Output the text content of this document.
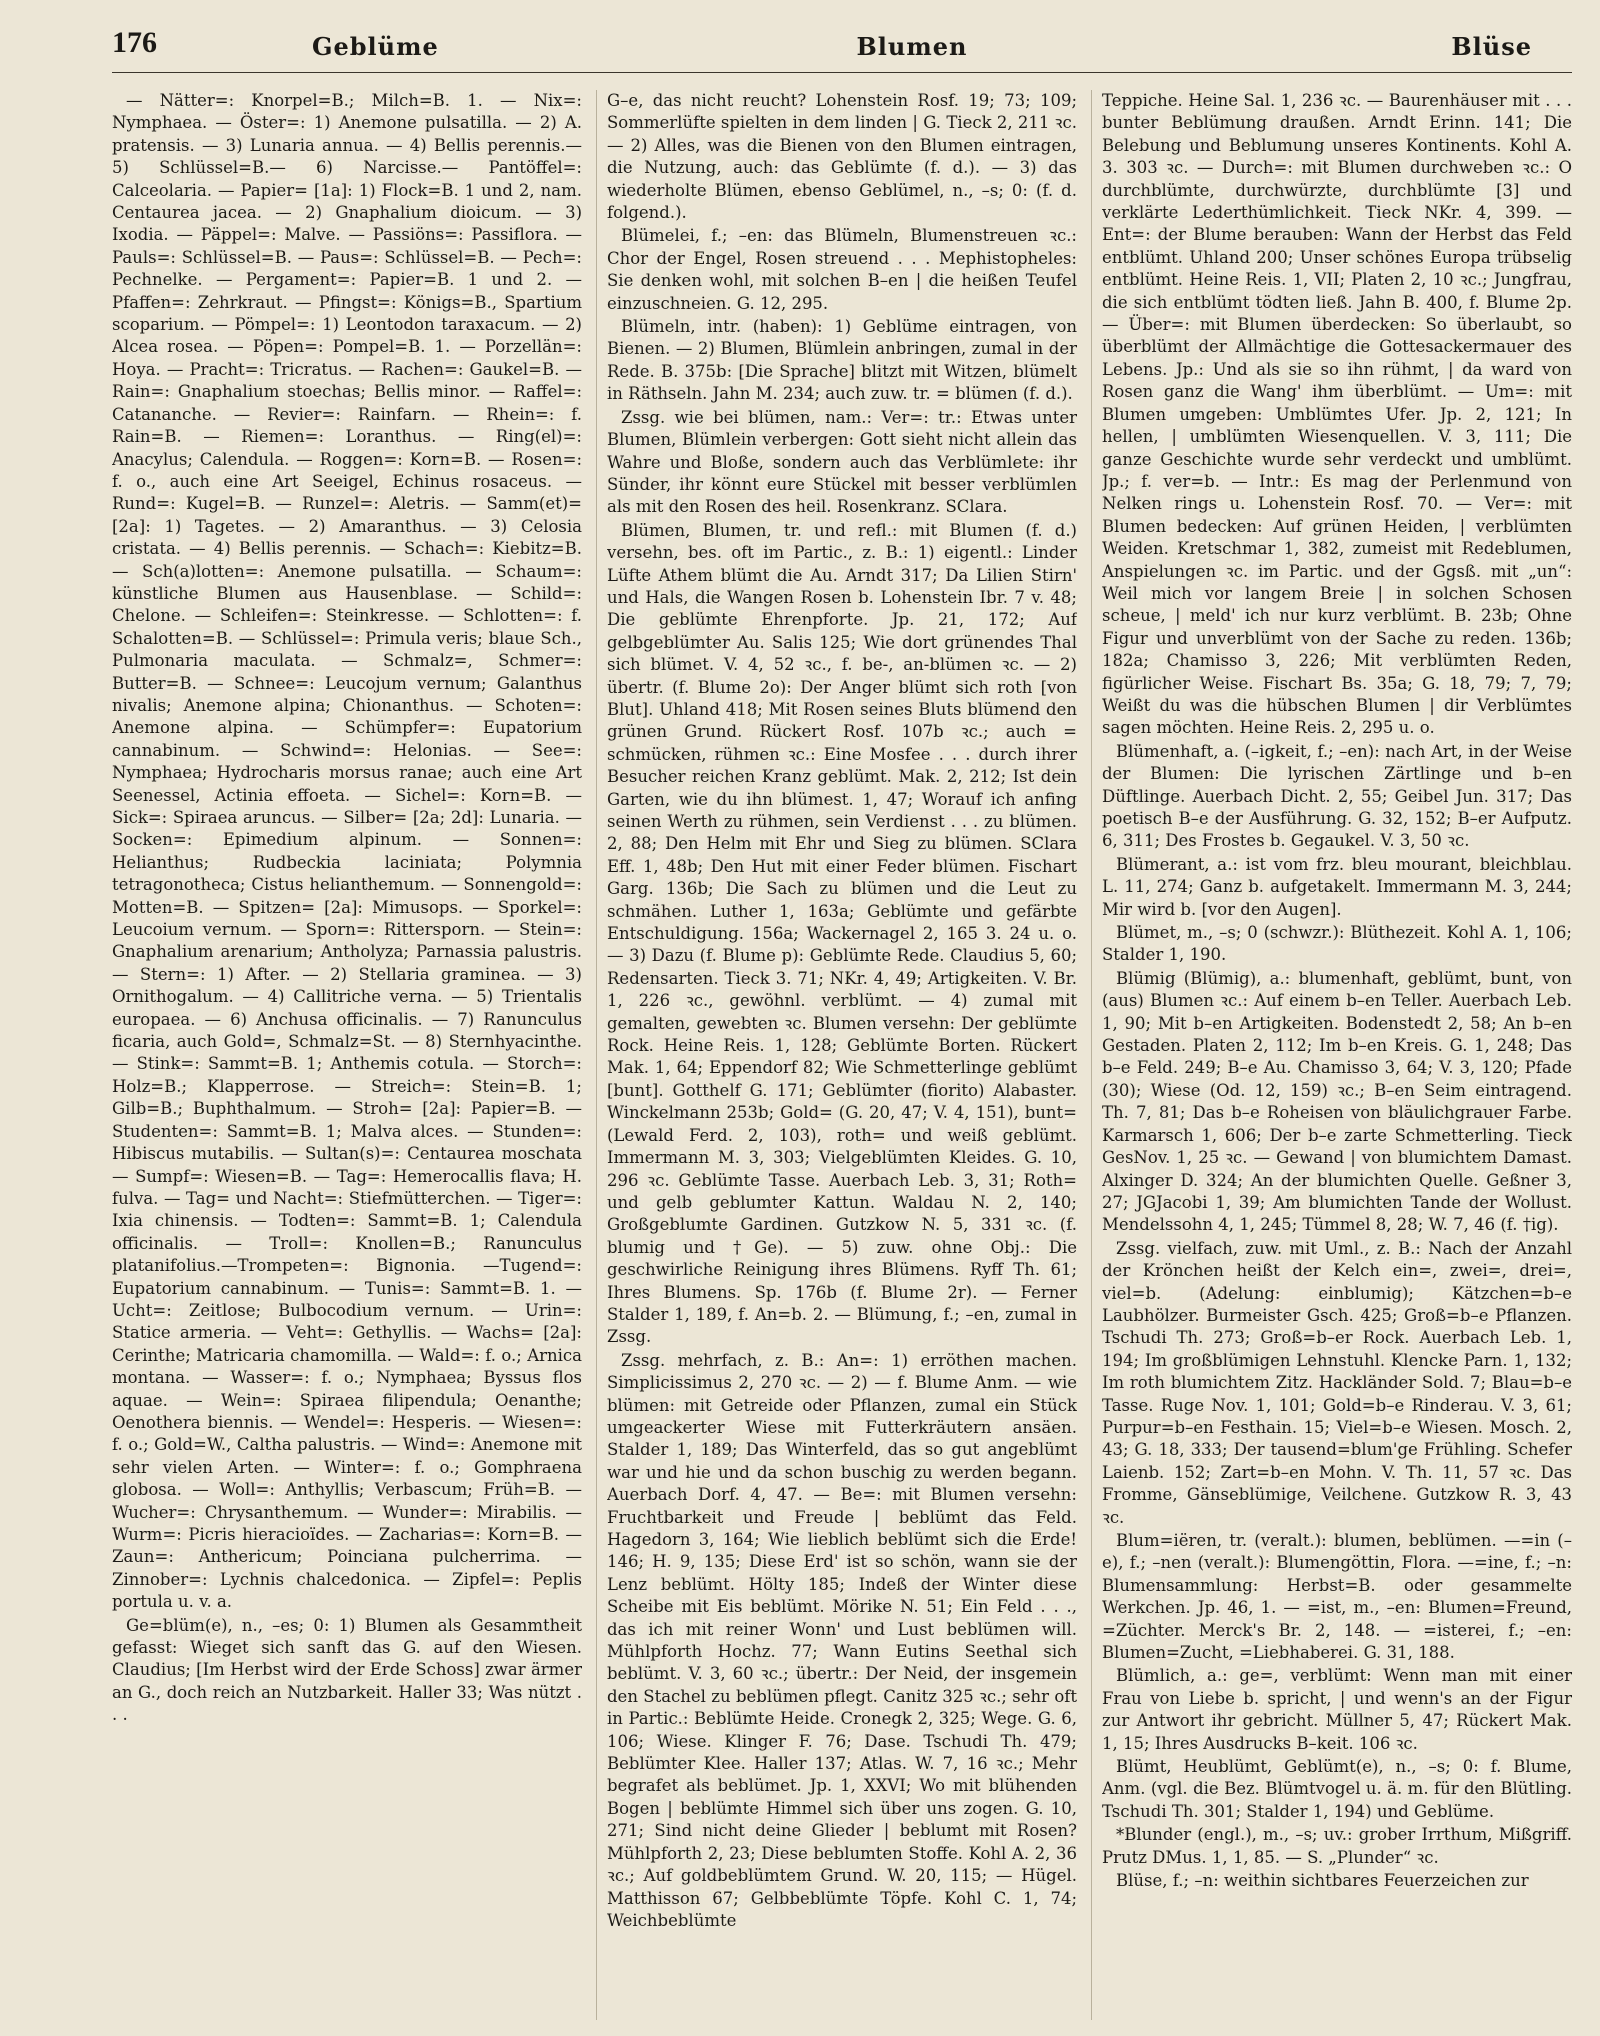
176	Geblüme	Blumen	Blüse

— Nätter=: Knorpel=B.; Milch=B. 1. — Nix=: Nymphaea. — Öster=: 1) Anemone pulsatilla. — 2) A. pratensis. — 3) Lunaria annua. — 4) Bellis perennis.— 5) Schlüssel=B.— 6) Narcisse.— Pantöffel=: Calceolaria. — Papier= [1a]: 1) Flock=B. 1 und 2, nam. Centaurea jacea. — 2) Gnaphalium dioicum. — 3) Ixodia. — Päppel=: Malve. — Passiöns=: Passiflora. — Pauls=: Schlüssel=B. — Paus=: Schlüssel=B. — Pech=: Pechnelke. — Pergament=: Papier=B. 1 und 2. — Pfaffen=: Zehrkraut. — Pfingst=: Königs=B., Spartium scoparium. — Pömpel=: 1) Leontodon taraxacum. — 2) Alcea rosea. — Pöpen=: Pompel=B. 1. — Porzellän=: Hoya. — Pracht=: Tricratus. — Rachen=: Gaukel=B. — Rain=: Gnaphalium stoechas; Bellis minor. — Raffel=: Catananche. — Revier=: Rainfarn. — Rhein=: f. Rain=B. — Riemen=: Loranthus. — Ring(el)=: Anacylus; Calendula. — Roggen=: Korn=B. — Rosen=: f. o., auch eine Art Seeigel, Echinus rosaceus. — Rund=: Kugel=B. — Runzel=: Aletris. — Samm(et)= [2a]: 1) Tagetes. — 2) Amaranthus. — 3) Celosia cristata. — 4) Bellis perennis. — Schach=: Kiebitz=B. — Sch(a)lotten=: Anemone pulsatilla. — Schaum=: künstliche Blumen aus Hausenblase. — Schild=: Chelone. — Schleifen=: Steinkresse. — Schlotten=: f. Schalotten=B. — Schlüssel=: Primula veris; blaue Sch., Pulmonaria maculata. — Schmalz=, Schmer=: Butter=B. — Schnee=: Leucojum vernum; Galanthus nivalis; Anemone alpina; Chionanthus. — Schoten=: Anemone alpina. — Schümpfer=: Eupatorium cannabinum. — Schwind=: Helonias. — See=: Nymphaea; Hydrocharis morsus ranae; auch eine Art Seenessel, Actinia effoeta. — Sichel=: Korn=B. — Sick=: Spiraea aruncus. — Silber= [2a; 2d]: Lunaria. — Socken=: Epimedium alpinum. — Sonnen=: Helianthus; Rudbeckia laciniata; Polymnia tetragonotheca; Cistus helianthemum. — Sonnengold=: Motten=B. — Spitzen= [2a]: Mimusops. — Sporkel=: Leucoium vernum. — Sporn=: Rittersporn. — Stein=: Gnaphalium arenarium; Antholyza; Parnassia palustris. — Stern=: 1) After. — 2) Stellaria graminea. — 3) Ornithogalum. — 4) Callitriche verna. — 5) Trientalis europaea. — 6) Anchusa officinalis. — 7) Ranunculus ficaria, auch Gold=, Schmalz=St. — 8) Sternhyacinthe. — Stink=: Sammt=B. 1; Anthemis cotula. — Storch=: Holz=B.; Klapperrose. — Streich=: Stein=B. 1; Gilb=B.; Buphthalmum. — Stroh= [2a]: Papier=B. — Studenten=: Sammt=B. 1; Malva alces. — Stunden=: Hibiscus mutabilis. — Sultan(s)=: Centaurea moschata — Sumpf=: Wiesen=B. — Tag=: Hemerocallis flava; H. fulva. — Tag= und Nacht=: Stiefmütterchen. — Tiger=: Ixia chinensis. — Todten=: Sammt=B. 1; Calendula officinalis. — Troll=: Knollen=B.; Ranunculus platanifolius.—Trompeten=: Bignonia. —Tugend=: Eupatorium cannabinum. — Tunis=: Sammt=B. 1. — Ucht=: Zeitlose; Bulbocodium vernum. — Urin=: Statice armeria. — Veht=: Gethyllis. — Wachs= [2a]: Cerinthe; Matricaria chamomilla. — Wald=: f. o.; Arnica montana. — Wasser=: f. o.; Nymphaea; Byssus flos aquae. — Wein=: Spiraea filipendula; Oenanthe; Oenothera biennis. — Wendel=: Hesperis. — Wiesen=: f. o.; Gold=W., Caltha palustris. — Wind=: Anemone mit sehr vielen Arten. — Winter=: f. o.; Gomphraena globosa. — Woll=: Anthyllis; Verbascum; Früh=B. — Wucher=: Chrysanthemum. — Wunder=: Mirabilis. — Wurm=: Picris hieracioïdes. — Zacharias=: Korn=B. — Zaun=: Anthericum; Poinciana pulcherrima. — Zinnober=: Lychnis chalcedonica. — Zipfel=: Peplis portula u. v. a.

Ge=blüm(e), n., –es; 0: 1) Blumen als Gesammtheit gefasst: Wieget sich sanft das G. auf den Wiesen. Claudius; [Im Herbst wird der Erde Schoss] zwar ärmer an G., doch reich an Nutzbarkeit. Haller 33; Was nützt . . .

G–e, das nicht reucht? Lohenstein Rosf. 19; 73; 109; Sommerlüfte spielten in dem linden | G. Tieck 2, 211 ꝛc. — 2) Alles, was die Bienen von den Blumen eintragen, die Nutzung, auch: das Geblümte (f. d.). — 3) das wiederholte Blümen, ebenso Geblümel, n., –s; 0: (f. d. folgend.).

Blümelei, f.; –en: das Blümeln, Blumenstreuen ꝛc.: Chor der Engel, Rosen streuend . . . Mephistopheles: Sie denken wohl, mit solchen B–en | die heißen Teufel einzuschneien. G. 12, 295.

Blümeln, intr. (haben): 1) Geblüme eintragen, von Bienen. — 2) Blumen, Blümlein anbringen, zumal in der Rede. B. 375b: [Die Sprache] blitzt mit Witzen, blümelt in Räthseln. Jahn M. 234; auch zuw. tr. = blümen (f. d.).

Zssg. wie bei blümen, nam.: Ver=: tr.: Etwas unter Blumen, Blümlein verbergen: Gott sieht nicht allein das Wahre und Bloße, sondern auch das Verblümlete: ihr Sünder, ihr könnt eure Stückel mit besser verblümlen als mit den Rosen des heil. Rosenkranz. SClara.

Blümen, Blumen, tr. und refl.: mit Blumen (f. d.) versehn, bes. oft im Partic., z. B.: 1) eigentl.: Linder Lüfte Athem blümt die Au. Arndt 317; Da Lilien Stirn' und Hals, die Wangen Rosen b. Lohenstein Ibr. 7 v. 48; Die geblümte Ehrenpforte. Jp. 21, 172; Auf gelbgeblümter Au. Salis 125; Wie dort grünendes Thal sich blümet. V. 4, 52 ꝛc., f. be-, an-blümen ꝛc. — 2) übertr. (f. Blume 2o): Der Anger blümt sich roth [von Blut]. Uhland 418; Mit Rosen seines Bluts blümend den grünen Grund. Rückert Rosf. 107b ꝛc.; auch = schmücken, rühmen ꝛc.: Eine Mosfee . . . durch ihrer Besucher reichen Kranz geblümt. Mak. 2, 212; Ist dein Garten, wie du ihn blümest. 1, 47; Worauf ich anfing seinen Werth zu rühmen, sein Verdienst . . . zu blümen. 2, 88; Den Helm mit Ehr und Sieg zu blümen. SClara Eff. 1, 48b; Den Hut mit einer Feder blümen. Fischart Garg. 136b; Die Sach zu blümen und die Leut zu schmähen. Luther 1, 163a; Geblümte und gefärbte Entschuldigung. 156a; Wackernagel 2, 165 3. 24 u. o. — 3) Dazu (f. Blume p): Geblümte Rede. Claudius 5, 60; Redensarten. Tieck 3. 71; NKr. 4, 49; Artigkeiten. V. Br. 1, 226 ꝛc., gewöhnl. verblümt. — 4) zumal mit gemalten, gewebten ꝛc. Blumen versehn: Der geblümte Rock. Heine Reis. 1, 128; Geblümte Borten. Rückert Mak. 1, 64; Eppendorf 82; Wie Schmetterlinge geblümt [bunt]. Gotthelf G. 171; Geblümter (fiorito) Alabaster. Winckelmann 253b; Gold= (G. 20, 47; V. 4, 151), bunt= (Lewald Ferd. 2, 103), roth= und weiß geblümt. Immermann M. 3, 303; Vielgeblümten Kleides. G. 10, 296 ꝛc. Geblümte Tasse. Auerbach Leb. 3, 31; Roth= und gelb geblumter Kattun. Waldau N. 2, 140; Großgeblumte Gardinen. Gutzkow N. 5, 331 ꝛc. (f. blumig und †Ge). — 5) zuw. ohne Obj.: Die geschwirliche Reinigung ihres Blümens. Ryff Th. 61; Ihres Blumens. Sp. 176b (f. Blume 2r). — Ferner Stalder 1, 189, f. An=b. 2. — Blümung, f.; –en, zumal in Zssg.

Zssg. mehrfach, z. B.: An=: 1) erröthen machen. Simplicissimus 2, 270 ꝛc. — 2) — f. Blume Anm. — wie blümen: mit Getreide oder Pflanzen, zumal ein Stück umgeackerter Wiese mit Futterkräutern ansäen. Stalder 1, 189; Das Winterfeld, das so gut angeblümt war und hie und da schon buschig zu werden begann. Auerbach Dorf. 4, 47. — Be=: mit Blumen versehn: Fruchtbarkeit und Freude | beblümt das Feld. Hagedorn 3, 164; Wie lieblich beblümt sich die Erde! 146; H. 9, 135; Diese Erd' ist so schön, wann sie der Lenz beblümt. Hölty 185; Indeß der Winter diese Scheibe mit Eis beblümt. Mörike N. 51; Ein Feld . . ., das ich mit reiner Wonn' und Lust beblümen will. Mühlpforth Hochz. 77; Wann Eutins Seethal sich beblümt. V. 3, 60 ꝛc.; übertr.: Der Neid, der insgemein den Stachel zu beblümen pflegt. Canitz 325 ꝛc.; sehr oft in Partic.: Beblümte Heide. Cronegk 2, 325; Wege. G. 6, 106; Wiese. Klinger F. 76; Dase. Tschudi Th. 479; Beblümter Klee. Haller 137; Atlas. W. 7, 16 ꝛc.; Mehr begrafet als beblümet. Jp. 1, XXVI; Wo mit blühenden Bogen | beblümte Himmel sich über uns zogen. G. 10, 271; Sind nicht deine Glieder | beblumt mit Rosen? Mühlpforth 2, 23; Diese beblumten Stoffe. Kohl A. 2, 36 ꝛc.; Auf goldbeblümtem Grund. W. 20, 115; — Hügel. Matthisson 67; Gelbbeblümte Töpfe. Kohl C. 1, 74; Weichbeblümte

Teppiche. Heine Sal. 1, 236 ꝛc. — Baurenhäuser mit . . . bunter Beblümung draußen. Arndt Erinn. 141; Die Belebung und Beblumung unseres Kontinents. Kohl A. 3. 303 ꝛc. — Durch=: mit Blumen durchweben ꝛc.: O durchblümte, durchwürzte, durchblümte [3] und verklärte Lederthümlichkeit. Tieck NKr. 4, 399. — Ent=: der Blume berauben: Wann der Herbst das Feld entblümt. Uhland 200; Unser schönes Europa trübselig entblümt. Heine Reis. 1, VII; Platen 2, 10 ꝛc.; Jungfrau, die sich entblümt tödten ließ. Jahn B. 400, f. Blume 2p. — Über=: mit Blumen überdecken: So überlaubt, so überblümt der Allmächtige die Gottesackermauer des Lebens. Jp.: Und als sie so ihn rühmt, | da ward von Rosen ganz die Wang' ihm überblümt. — Um=: mit Blumen umgeben: Umblümtes Ufer. Jp. 2, 121; In hellen, | umblümten Wiesenquellen. V. 3, 111; Die ganze Geschichte wurde sehr verdeckt und umblümt. Jp.; f. ver=b. — Intr.: Es mag der Perlenmund von Nelken rings u. Lohenstein Rosf. 70. — Ver=: mit Blumen bedecken: Auf grünen Heiden, | verblümten Weiden. Kretschmar 1, 382, zumeist mit Redeblumen, Anspielungen ꝛc. im Partic. und der Ggsß. mit „un“: Weil mich vor langem Breie | in solchen Schosen scheue, | meld' ich nur kurz verblümt. B. 23b; Ohne Figur und unverblümt von der Sache zu reden. 136b; 182a; Chamisso 3, 226; Mit verblümten Reden, figürlicher Weise. Fischart Bs. 35a; G. 18, 79; 7, 79; Weißt du was die hübschen Blumen | dir Verblümtes sagen möchten. Heine Reis. 2, 295 u. o.

Blümenhaft, a. (–igkeit, f.; –en): nach Art, in der Weise der Blumen: Die lyrischen Zärtlinge und b–en Düftlinge. Auerbach Dicht. 2, 55; Geibel Jun. 317; Das poetisch B–e der Ausführung. G. 32, 152; B–er Aufputz. 6, 311; Des Frostes b. Gegaukel. V. 3, 50 ꝛc.

Blümerant, a.: ist vom frz. bleu mourant, bleichblau. L. 11, 274; Ganz b. aufgetakelt. Immermann M. 3, 244; Mir wird b. [vor den Augen].

Blümet, m., –s; 0 (schwzr.): Blüthezeit. Kohl A. 1, 106; Stalder 1, 190.

Blümig (Blümig), a.: blumenhaft, geblümt, bunt, von (aus) Blumen ꝛc.: Auf einem b–en Teller. Auerbach Leb. 1, 90; Mit b–en Artigkeiten. Bodenstedt 2, 58; An b–en Gestaden. Platen 2, 112; Im b–en Kreis. G. 1, 248; Das b–e Feld. 249; B–e Au. Chamisso 3, 64; V. 3, 120; Pfade (30); Wiese (Od. 12, 159) ꝛc.; B–en Seim eintragend. Th. 7, 81; Das b–e Roheisen von bläulichgrauer Farbe. Karmarsch 1, 606; Der b–e zarte Schmetterling. Tieck GesNov. 1, 25 ꝛc. — Gewand | von blumichtem Damast. Alxinger D. 324; An der blumichten Quelle. Geßner 3, 27; JGJacobi 1, 39; Am blumichten Tande der Wollust. Mendelssohn 4, 1, 245; Tümmel 8, 28; W. 7, 46 (f. †ig).

Zssg. vielfach, zuw. mit Uml., z. B.: Nach der Anzahl der Krönchen heißt der Kelch ein=, zwei=, drei=, viel=b. (Adelung: einblumig); Kätzchen=b–e Laubhölzer. Burmeister Gsch. 425; Groß=b–e Pflanzen. Tschudi Th. 273; Groß=b–er Rock. Auerbach Leb. 1, 194; Im großblümigen Lehnstuhl. Klencke Parn. 1, 132; Im roth blumichtem Zitz. Hackländer Sold. 7; Blau=b–e Tasse. Ruge Nov. 1, 101; Gold=b–e Rinderau. V. 3, 61; Purpur=b–en Festhain. 15; Viel=b–e Wiesen. Mosch. 2, 43; G. 18, 333; Der tausend=blum'ge Frühling. Schefer Laienb. 152; Zart=b–en Mohn. V. Th. 11, 57 ꝛc. Das Fromme, Gänseblümige, Veilchene. Gutzkow R. 3, 43 ꝛc.

Blum=iëren, tr. (veralt.): blumen, beblümen. —=in (–e), f.; –nen (veralt.): Blumengöttin, Flora. —=ine, f.; –n: Blumensammlung: Herbst=B. oder gesammelte Werkchen. Jp. 46, 1. — =ist, m., –en: Blumen=Freund, =Züchter. Merck's Br. 2, 148. — =isterei, f.; –en: Blumen=Zucht, =Liebhaberei. G. 31, 188.

Blümlich, a.: ge=, verblümt: Wenn man mit einer Frau von Liebe b. spricht, | und wenn's an der Figur zur Antwort ihr gebricht. Müllner 5, 47; Rückert Mak. 1, 15; Ihres Ausdrucks B–keit. 106 ꝛc.

Blümt, Heublümt, Geblümt(e), n., –s; 0: f. Blume, Anm. (vgl. die Bez. Blümtvogel u. ä. m. für den Blütling. Tschudi Th. 301; Stalder 1, 194) und Geblüme.

*Blunder (engl.), m., –s; uv.: grober Irrthum, Mißgriff. Prutz DMus. 1, 1, 85. — S. „Plunder“ ꝛc.

Blüse, f.; –n: weithin sichtbares Feuerzeichen zur
